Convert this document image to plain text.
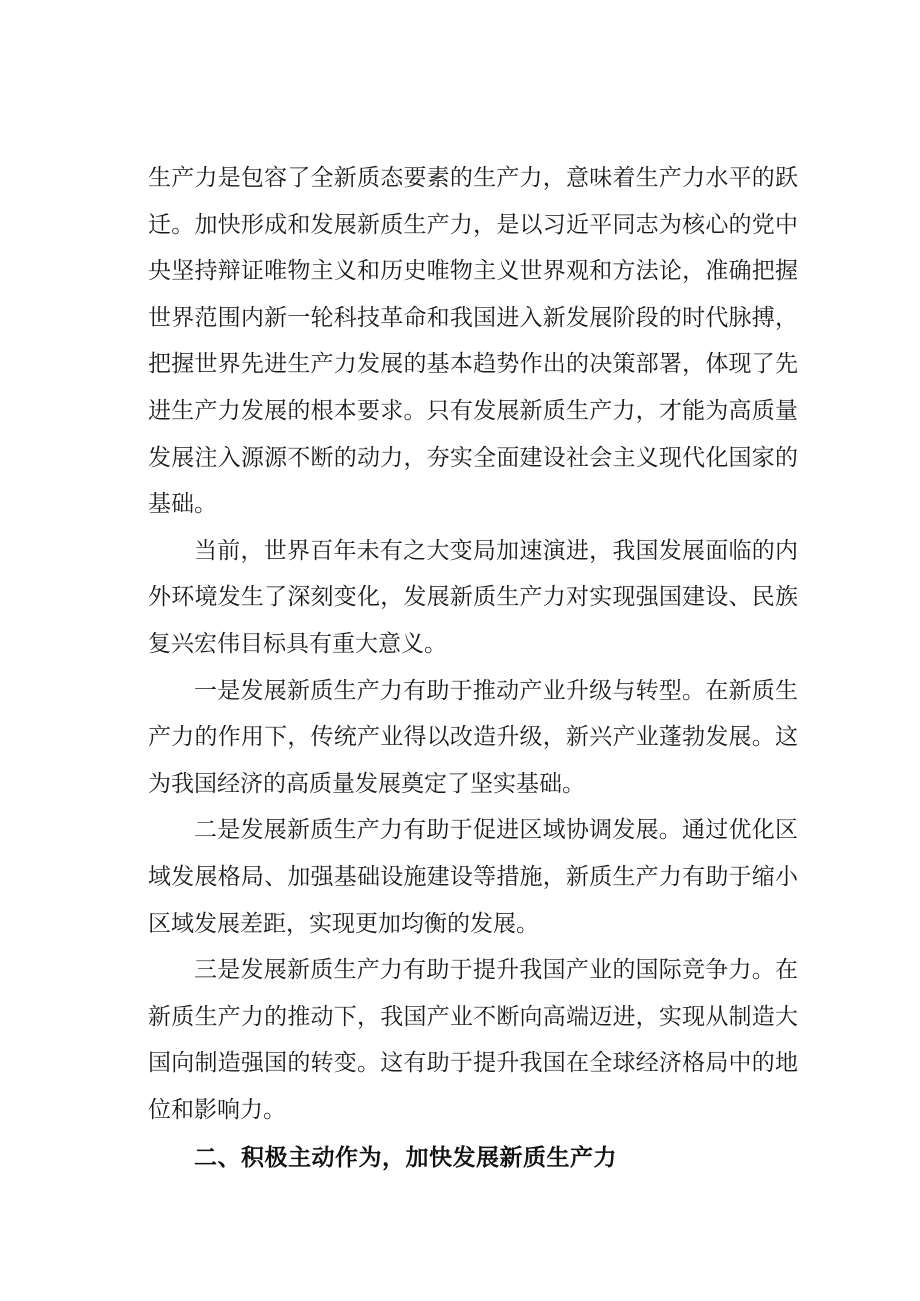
生产力是包容了全新质态要素的生产力，意味着生产力水平的跃迁。加快形成和发展新质生产力，是以习近平同志为核心的党中央坚持辩证唯物主义和历史唯物主义世界观和方法论，准确把握世界范围内新一轮科技革命和我国进入新发展阶段的时代脉搏，把握世界先进生产力发展的基本趋势作出的决策部署，体现了先进生产力发展的根本要求。只有发展新质生产力，才能为高质量发展注入源源不断的动力，夯实全面建设社会主义现代化国家的基础。

当前，世界百年未有之大变局加速演进，我国发展面临的内外环境发生了深刻变化，发展新质生产力对实现强国建设、民族复兴宏伟目标具有重大意义。

一是发展新质生产力有助于推动产业升级与转型。在新质生产力的作用下，传统产业得以改造升级，新兴产业蓬勃发展。这为我国经济的高质量发展奠定了坚实基础。

二是发展新质生产力有助于促进区域协调发展。通过优化区域发展格局、加强基础设施建设等措施，新质生产力有助于缩小区域发展差距，实现更加均衡的发展。

三是发展新质生产力有助于提升我国产业的国际竞争力。在新质生产力的推动下，我国产业不断向高端迈进，实现从制造大国向制造强国的转变。这有助于提升我国在全球经济格局中的地位和影响力。

二、积极主动作为，加快发展新质生产力
